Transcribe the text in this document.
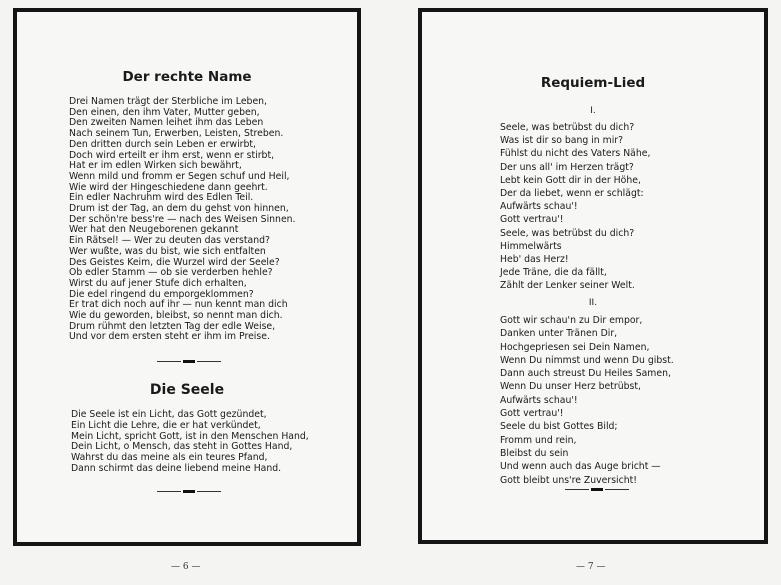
Der rechte Name
Drei Namen trägt der Sterbliche im Leben,
Den einen, den ihm Vater, Mutter geben,
Den zweiten Namen leihet ihm das Leben
Nach seinem Tun, Erwerben, Leisten, Streben.
Den dritten durch sein Leben er erwirbt,
Doch wird erteilt er ihm erst, wenn er stirbt,
Hat er im edlen Wirken sich bewährt,
Wenn mild und fromm er Segen schuf und Heil,
Wie wird der Hingeschiedene dann geehrt.
Ein edler Nachruhm wird des Edlen Teil.
Drum ist der Tag, an dem du gehst von hinnen,
Der schön're bess're — nach des Weisen Sinnen.
Wer hat den Neugeborenen gekannt
Ein Rätsel! — Wer zu deuten das verstand?
Wer wußte, was du bist, wie sich entfalten
Des Geistes Keim, die Wurzel wird der Seele?
Ob edler Stamm — ob sie verderben hehle?
Wirst du auf jener Stufe dich erhalten,
Die edel ringend du emporgeklommen?
Er trat dich noch auf ihr — nun kennt man dich
Wie du geworden, bleibst, so nennt man dich.
Drum rühmt den letzten Tag der edle Weise,
Und vor dem ersten steht er ihm im Preise.
Die Seele
Die Seele ist ein Licht, das Gott gezündet,
Ein Licht die Lehre, die er hat verkündet,
Mein Licht, spricht Gott, ist in den Menschen Hand,
Dein Licht, o Mensch, das steht in Gottes Hand,
Wahrst du das meine als ein teures Pfand,
Dann schirmt das deine liebend meine Hand.
Requiem-Lied
I.
Seele, was betrübst du dich?
Was ist dir so bang in mir?
Fühlst du nicht des Vaters Nähe,
Der uns all' im Herzen trägt?
Lebt kein Gott dir in der Höhe,
Der da liebet, wenn er schlägt:
Aufwärts schau'!
Gott vertrau'!
Seele, was betrübst du dich?
Himmelwärts
Heb' das Herz!
Jede Träne, die da fällt,
Zählt der Lenker seiner Welt.
II.
Gott wir schau'n zu Dir empor,
Danken unter Tränen Dir,
Hochgepriesen sei Dein Namen,
Wenn Du nimmst und wenn Du gibst.
Dann auch streust Du Heiles Samen,
Wenn Du unser Herz betrübst,
Aufwärts schau'!
Gott vertrau'!
Seele du bist Gottes Bild;
Fromm und rein,
Bleibst du sein
Und wenn auch das Auge bricht —
Gott bleibt uns're Zuversicht!
— 6 —	— 7 —
